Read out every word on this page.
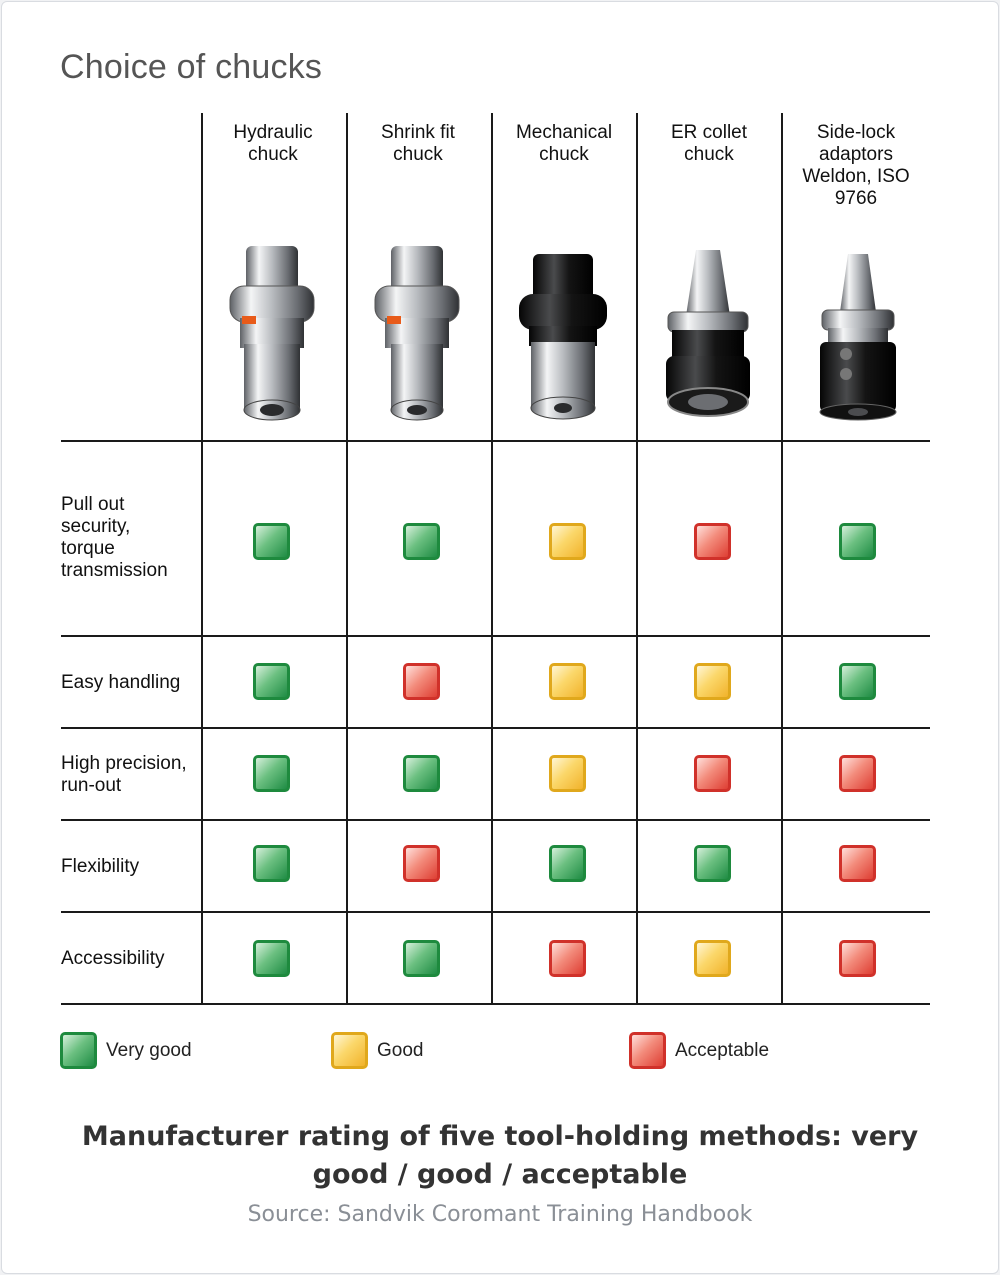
Choice of chucks
Hydraulic
chuck
Shrink fit
chuck
Mechanical
chuck
ER collet
chuck
Side-lock
adaptors
Weldon, ISO
9766
Pull out
security,
torque
transmission
Easy handling
High precision,
run-out
Flexibility
Accessibility
Very good	Good	Acceptable
Manufacturer rating of five tool-holding methods: very good / good / acceptable
Source: Sandvik Coromant Training Handbook
